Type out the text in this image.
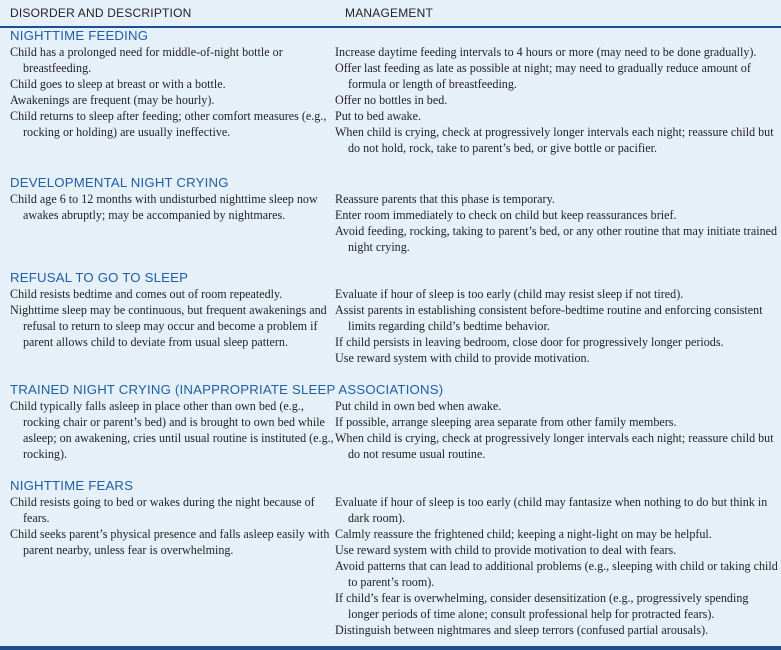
DISORDER AND DESCRIPTION	MANAGEMENT
NIGHTTIME FEEDING
Child has a prolonged need for middle-of-night bottle or breastfeeding.
Child goes to sleep at breast or with a bottle.
Awakenings are frequent (may be hourly).
Child returns to sleep after feeding; other comfort measures (e.g., rocking or holding) are usually ineffective.
Increase daytime feeding intervals to 4 hours or more (may need to be done gradually).
Offer last feeding as late as possible at night; may need to gradually reduce amount of formula or length of breastfeeding.
Offer no bottles in bed.
Put to bed awake.
When child is crying, check at progressively longer intervals each night; reassure child but do not hold, rock, take to parent’s bed, or give bottle or pacifier.
DEVELOPMENTAL NIGHT CRYING
Child age 6 to 12 months with undisturbed nighttime sleep now awakes abruptly; may be accompanied by nightmares.
Reassure parents that this phase is temporary.
Enter room immediately to check on child but keep reassurances brief.
Avoid feeding, rocking, taking to parent’s bed, or any other routine that may initiate trained night crying.
REFUSAL TO GO TO SLEEP
Child resists bedtime and comes out of room repeatedly.
Nighttime sleep may be continuous, but frequent awakenings and refusal to return to sleep may occur and become a problem if parent allows child to deviate from usual sleep pattern.
Evaluate if hour of sleep is too early (child may resist sleep if not tired).
Assist parents in establishing consistent before-bedtime routine and enforcing consistent limits regarding child’s bedtime behavior.
If child persists in leaving bedroom, close door for progressively longer periods.
Use reward system with child to provide motivation.
TRAINED NIGHT CRYING (INAPPROPRIATE SLEEP ASSOCIATIONS)
Child typically falls asleep in place other than own bed (e.g., rocking chair or parent’s bed) and is brought to own bed while asleep; on awakening, cries until usual routine is instituted (e.g., rocking).
Put child in own bed when awake.
If possible, arrange sleeping area separate from other family members.
When child is crying, check at progressively longer intervals each night; reassure child but do not resume usual routine.
NIGHTTIME FEARS
Child resists going to bed or wakes during the night because of fears.
Child seeks parent’s physical presence and falls asleep easily with parent nearby, unless fear is overwhelming.
Evaluate if hour of sleep is too early (child may fantasize when nothing to do but think in dark room).
Calmly reassure the frightened child; keeping a night-light on may be helpful.
Use reward system with child to provide motivation to deal with fears.
Avoid patterns that can lead to additional problems (e.g., sleeping with child or taking child to parent’s room).
If child’s fear is overwhelming, consider desensitization (e.g., progressively spending longer periods of time alone; consult professional help for protracted fears).
Distinguish between nightmares and sleep terrors (confused partial arousals).
